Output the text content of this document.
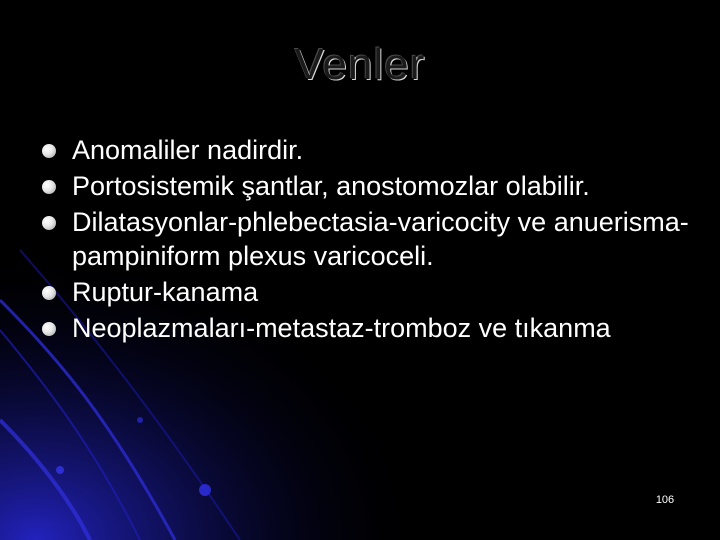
Venler
Anomaliler nadirdir.
Portosistemik şantlar, anostomozlar olabilir.
Dilatasyonlar-phlebectasia-varicocity ve anuerisma-pampiniform plexus varicoceli.
Ruptur-kanama
Neoplazmaları-metastaz-tromboz ve tıkanma
106
